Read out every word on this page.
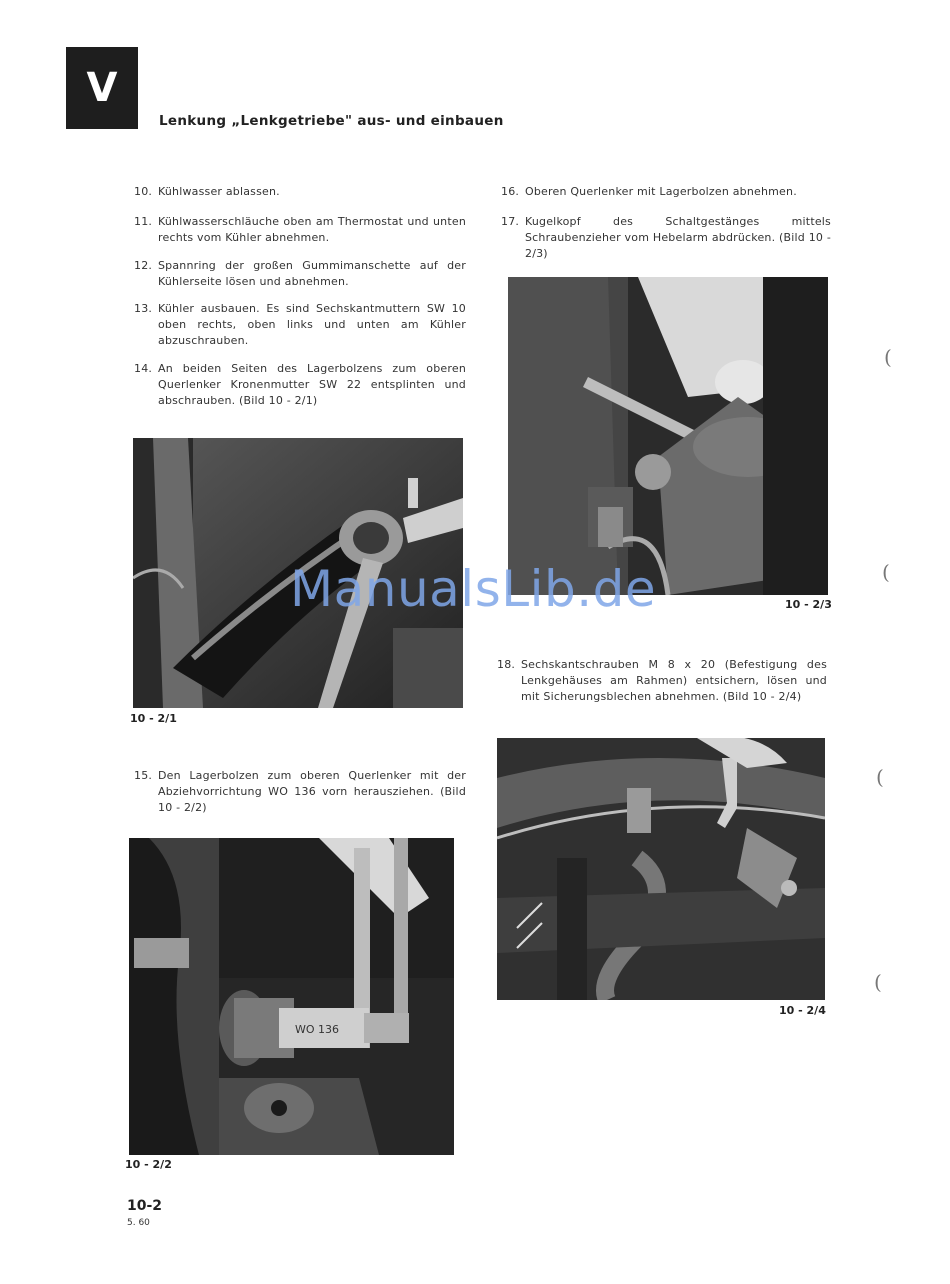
V
Lenkung „Lenkgetriebe" aus- und einbauen
10. Kühlwasser ablassen.
11. Kühlwasserschläuche oben am Thermostat und unten rechts vom Kühler abnehmen.
12. Spannring der großen Gummimanschette auf der Kühlerseite lösen und abnehmen.
13. Kühler ausbauen. Es sind Sechskantmuttern SW 10 oben rechts, oben links und unten am Kühler abzuschrauben.
14. An beiden Seiten des Lagerbolzens zum oberen Querlenker Kronenmutter SW 22 entsplinten und abschrauben. (Bild 10 - 2/1)
15. Den Lagerbolzen zum oberen Querlenker mit der Abziehvorrichtung WO 136 vorn herausziehen. (Bild 10 - 2/2)
16. Oberen Querlenker mit Lagerbolzen abnehmen.
17. Kugelkopf des Schaltgestänges mittels Schraubenzieher vom Hebelarm abdrücken. (Bild 10 - 2/3)
18. Sechskantschrauben M 8 x 20 (Befestigung des Lenkgehäuses am Rahmen) entsichern, lösen und mit Sicherungsblechen abnehmen. (Bild 10 - 2/4)
10 - 2/1
WO 136
10 - 2/2
10 - 2/3
10 - 2/4
ManualsLib.de
10-2
5. 60
(
(
(
(
